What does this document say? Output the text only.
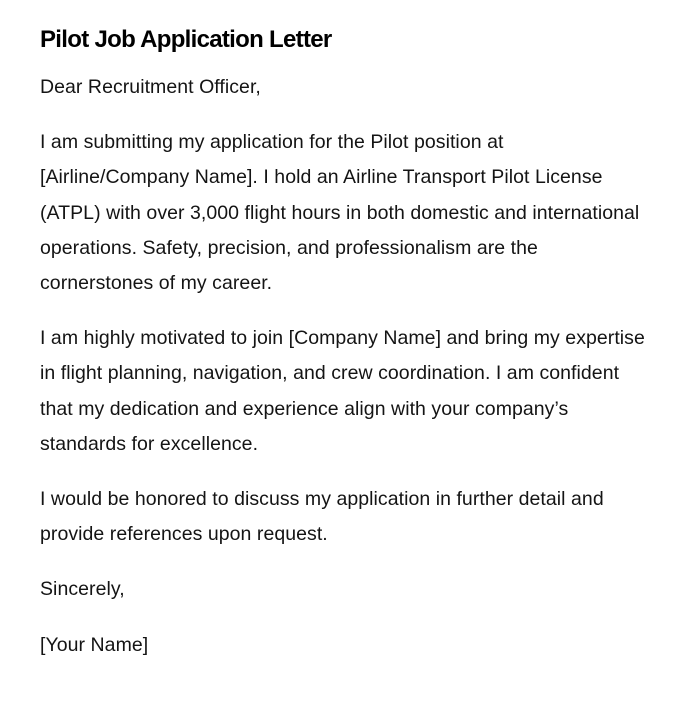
Pilot Job Application Letter

Dear Recruitment Officer,

I am submitting my application for the Pilot position at [Airline/Company Name]. I hold an Airline Transport Pilot License (ATPL) with over 3,000 flight hours in both domestic and international operations. Safety, precision, and professionalism are the cornerstones of my career.

I am highly motivated to join [Company Name] and bring my expertise in flight planning, navigation, and crew coordination. I am confident that my dedication and experience align with your company’s standards for excellence.

I would be honored to discuss my application in further detail and provide references upon request.

Sincerely,

[Your Name]
